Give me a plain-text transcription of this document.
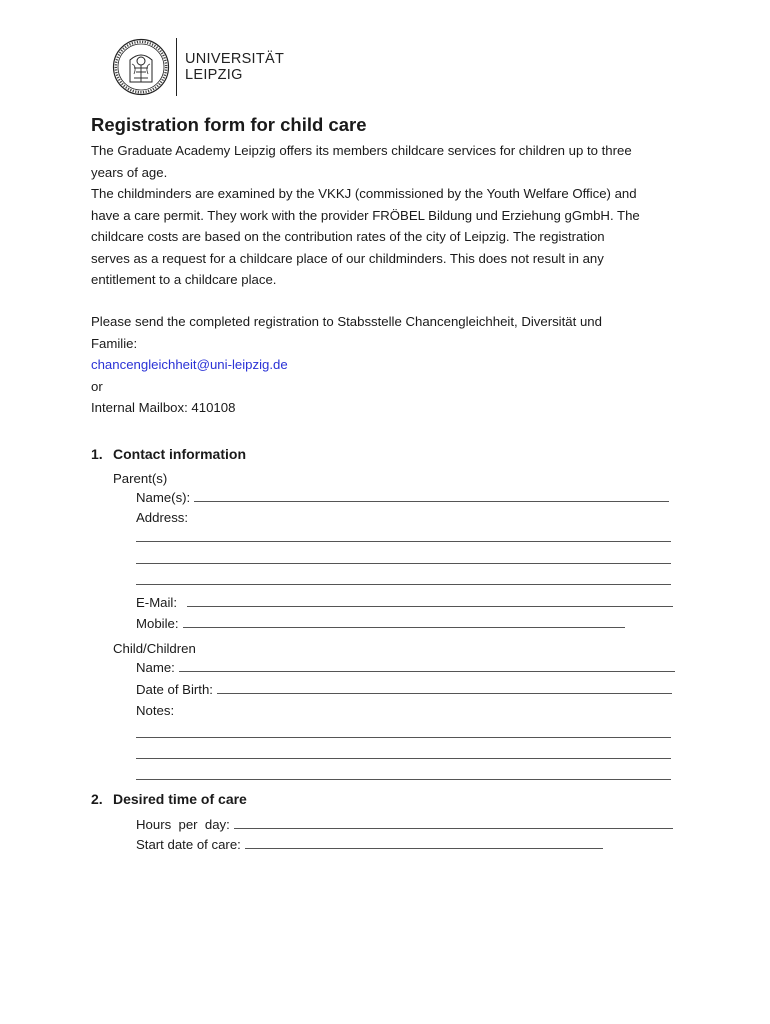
UNIVERSITÄT
LEIPZIG
Registration form for child care
The Graduate Academy Leipzig offers its members childcare services for children up to three
years of age.
The childminders are examined by the VKKJ (commissioned by the Youth Welfare Office) and
have a care permit. They work with the provider FRÖBEL Bildung und Erziehung gGmbH. The
childcare costs are based on the contribution rates of the city of Leipzig. The registration
serves as a request for a childcare place of our childminders. This does not result in any
entitlement to a childcare place.
Please send the completed registration to Stabsstelle Chancengleichheit, Diversität und
Familie:
chancengleichheit@uni-leipzig.de
or
Internal Mailbox: 410108
1. Contact information
Parent(s)
Name(s):
Address:
E-Mail:
Mobile:
Child/Children
Name:
Date of Birth:
Notes:
2. Desired time of care
Hours  per  day:
Start date of care:
